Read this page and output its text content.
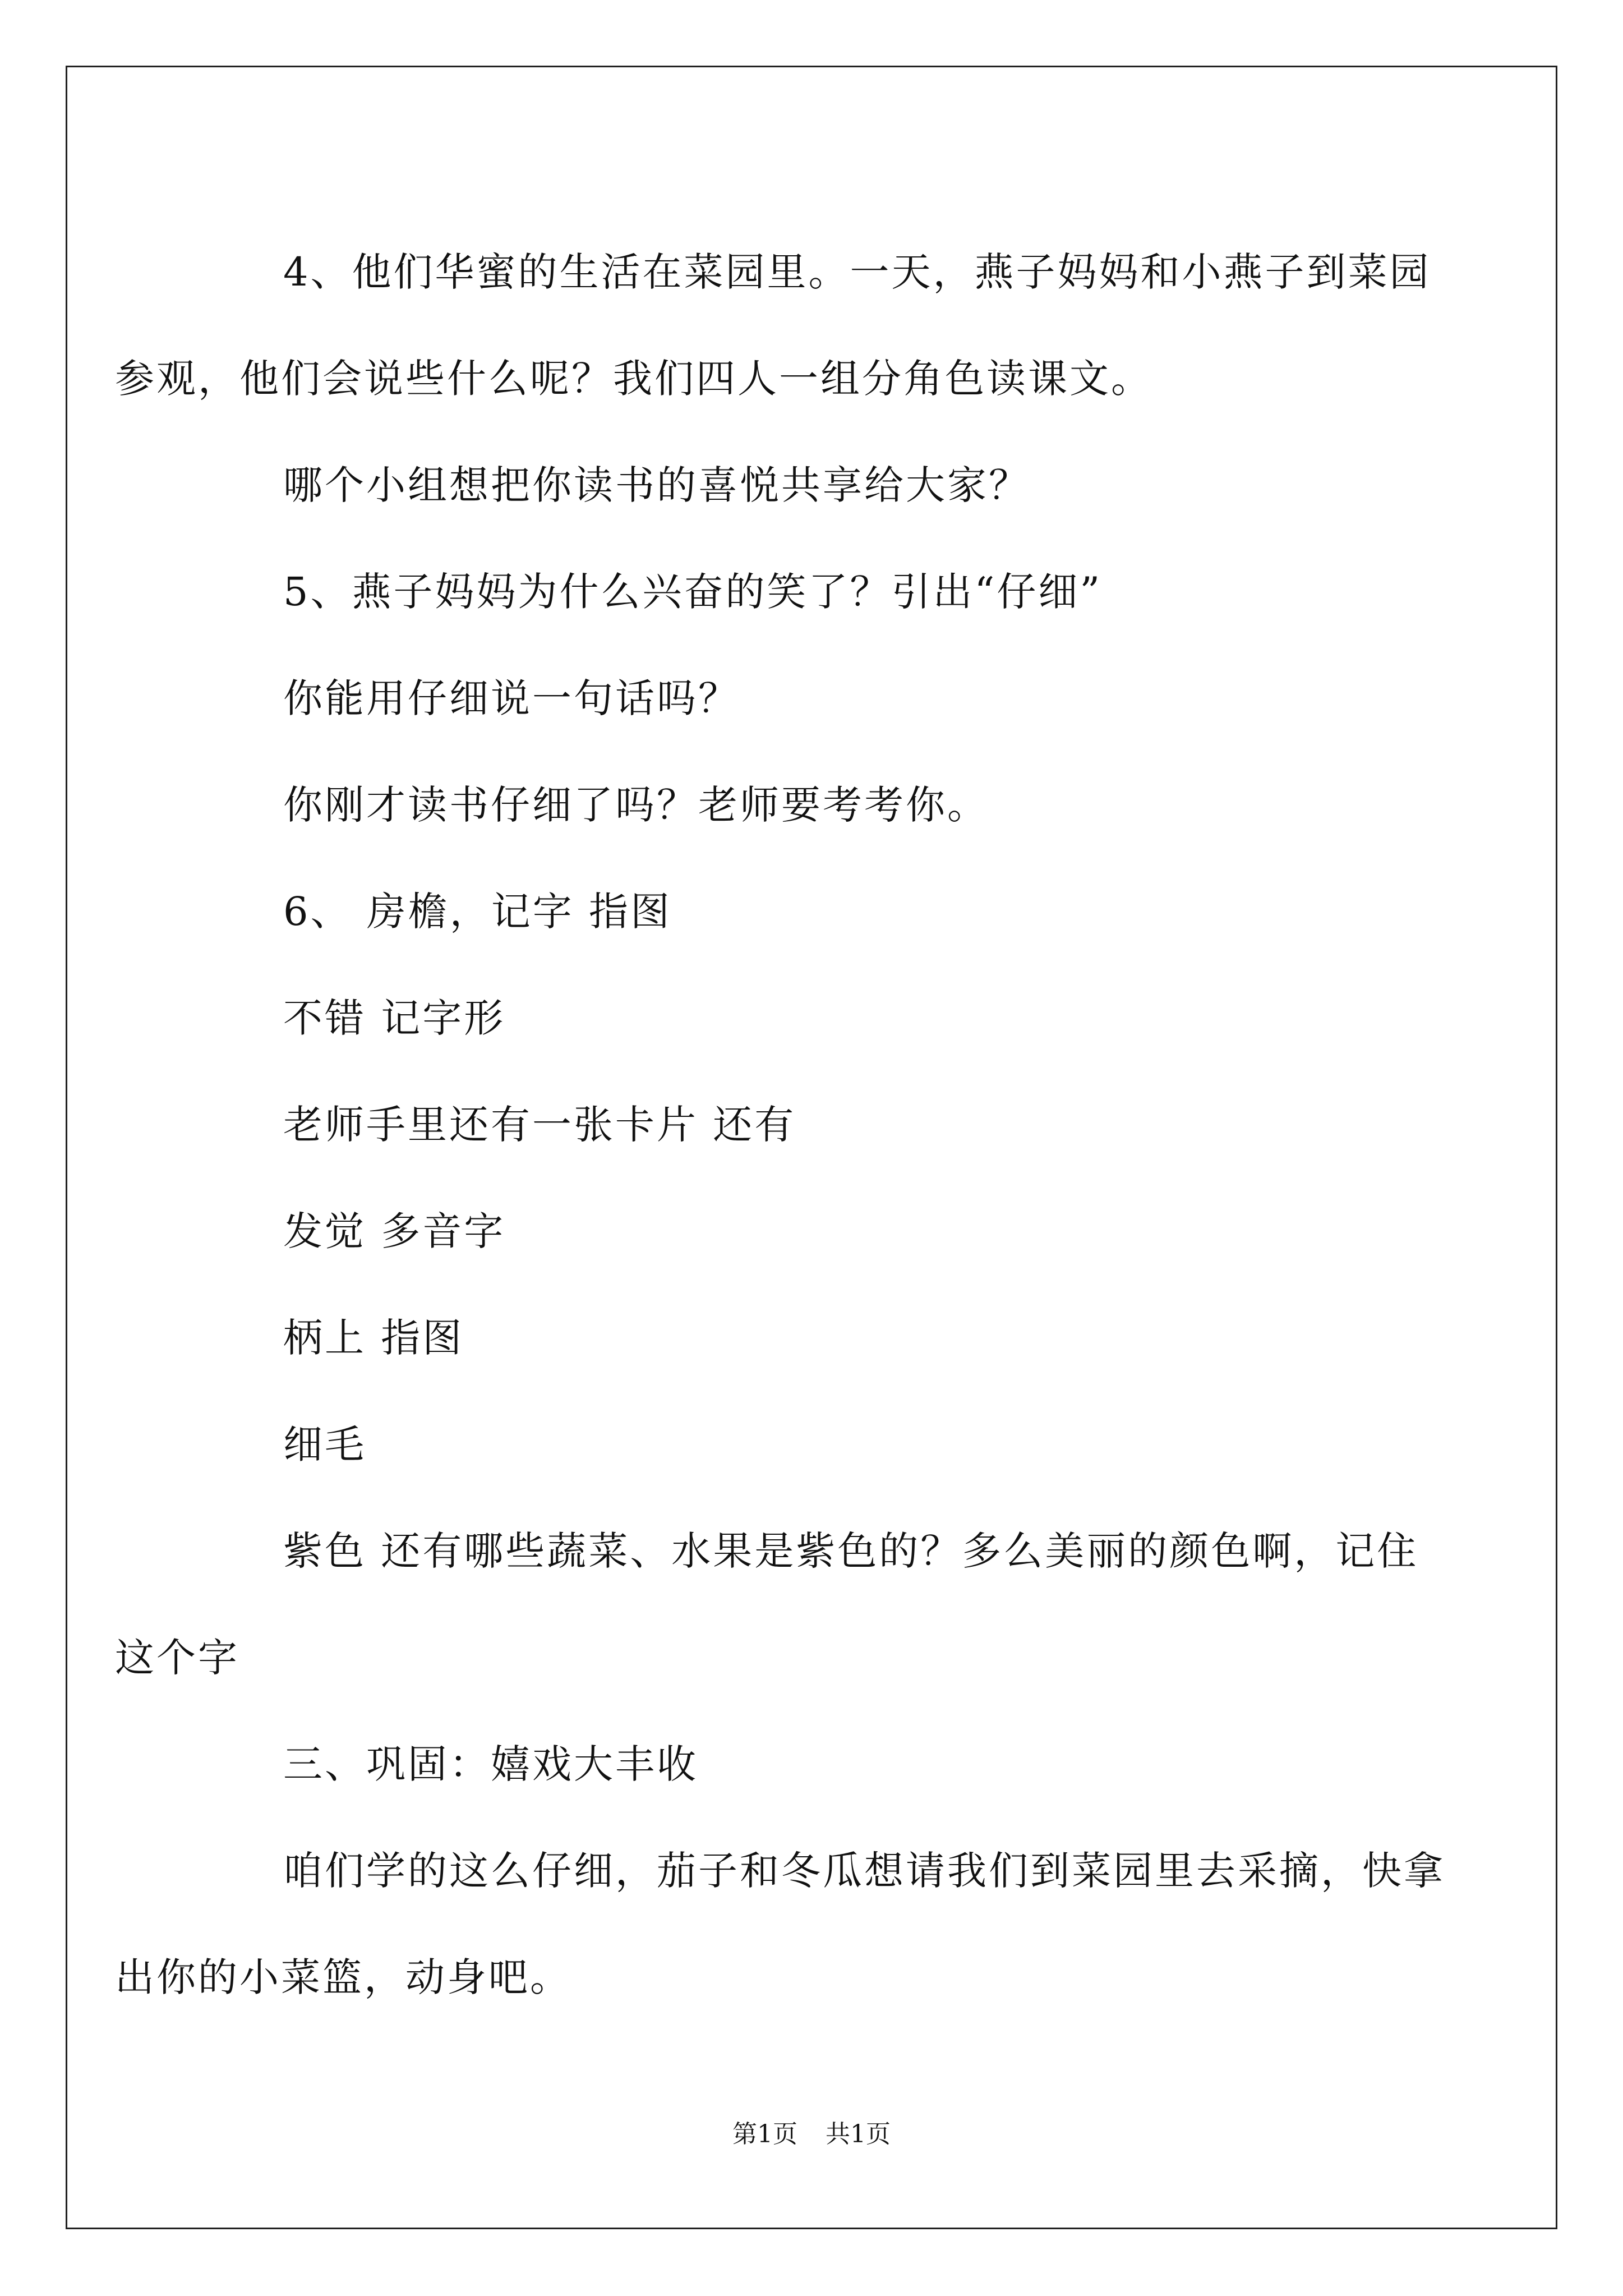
4、他们华蜜的生活在菜园里。一天，燕子妈妈和小燕子到菜园参观，他们会说些什么呢？我们四人一组分角色读课文。

哪个小组想把你读书的喜悦共享给大家？

5、燕子妈妈为什么兴奋的笑了？引出“仔细”

你能用仔细说一句话吗？

你刚才读书仔细了吗？老师要考考你。

6、 房檐，记字 指图

不错 记字形

老师手里还有一张卡片 还有

发觉 多音字

柄上 指图

细毛

紫色 还有哪些蔬菜、水果是紫色的？多么美丽的颜色啊，记住这个字

三、巩固：嬉戏大丰收

咱们学的这么仔细，茄子和冬瓜想请我们到菜园里去采摘，快拿出你的小菜篮，动身吧。

第1页 共1页
